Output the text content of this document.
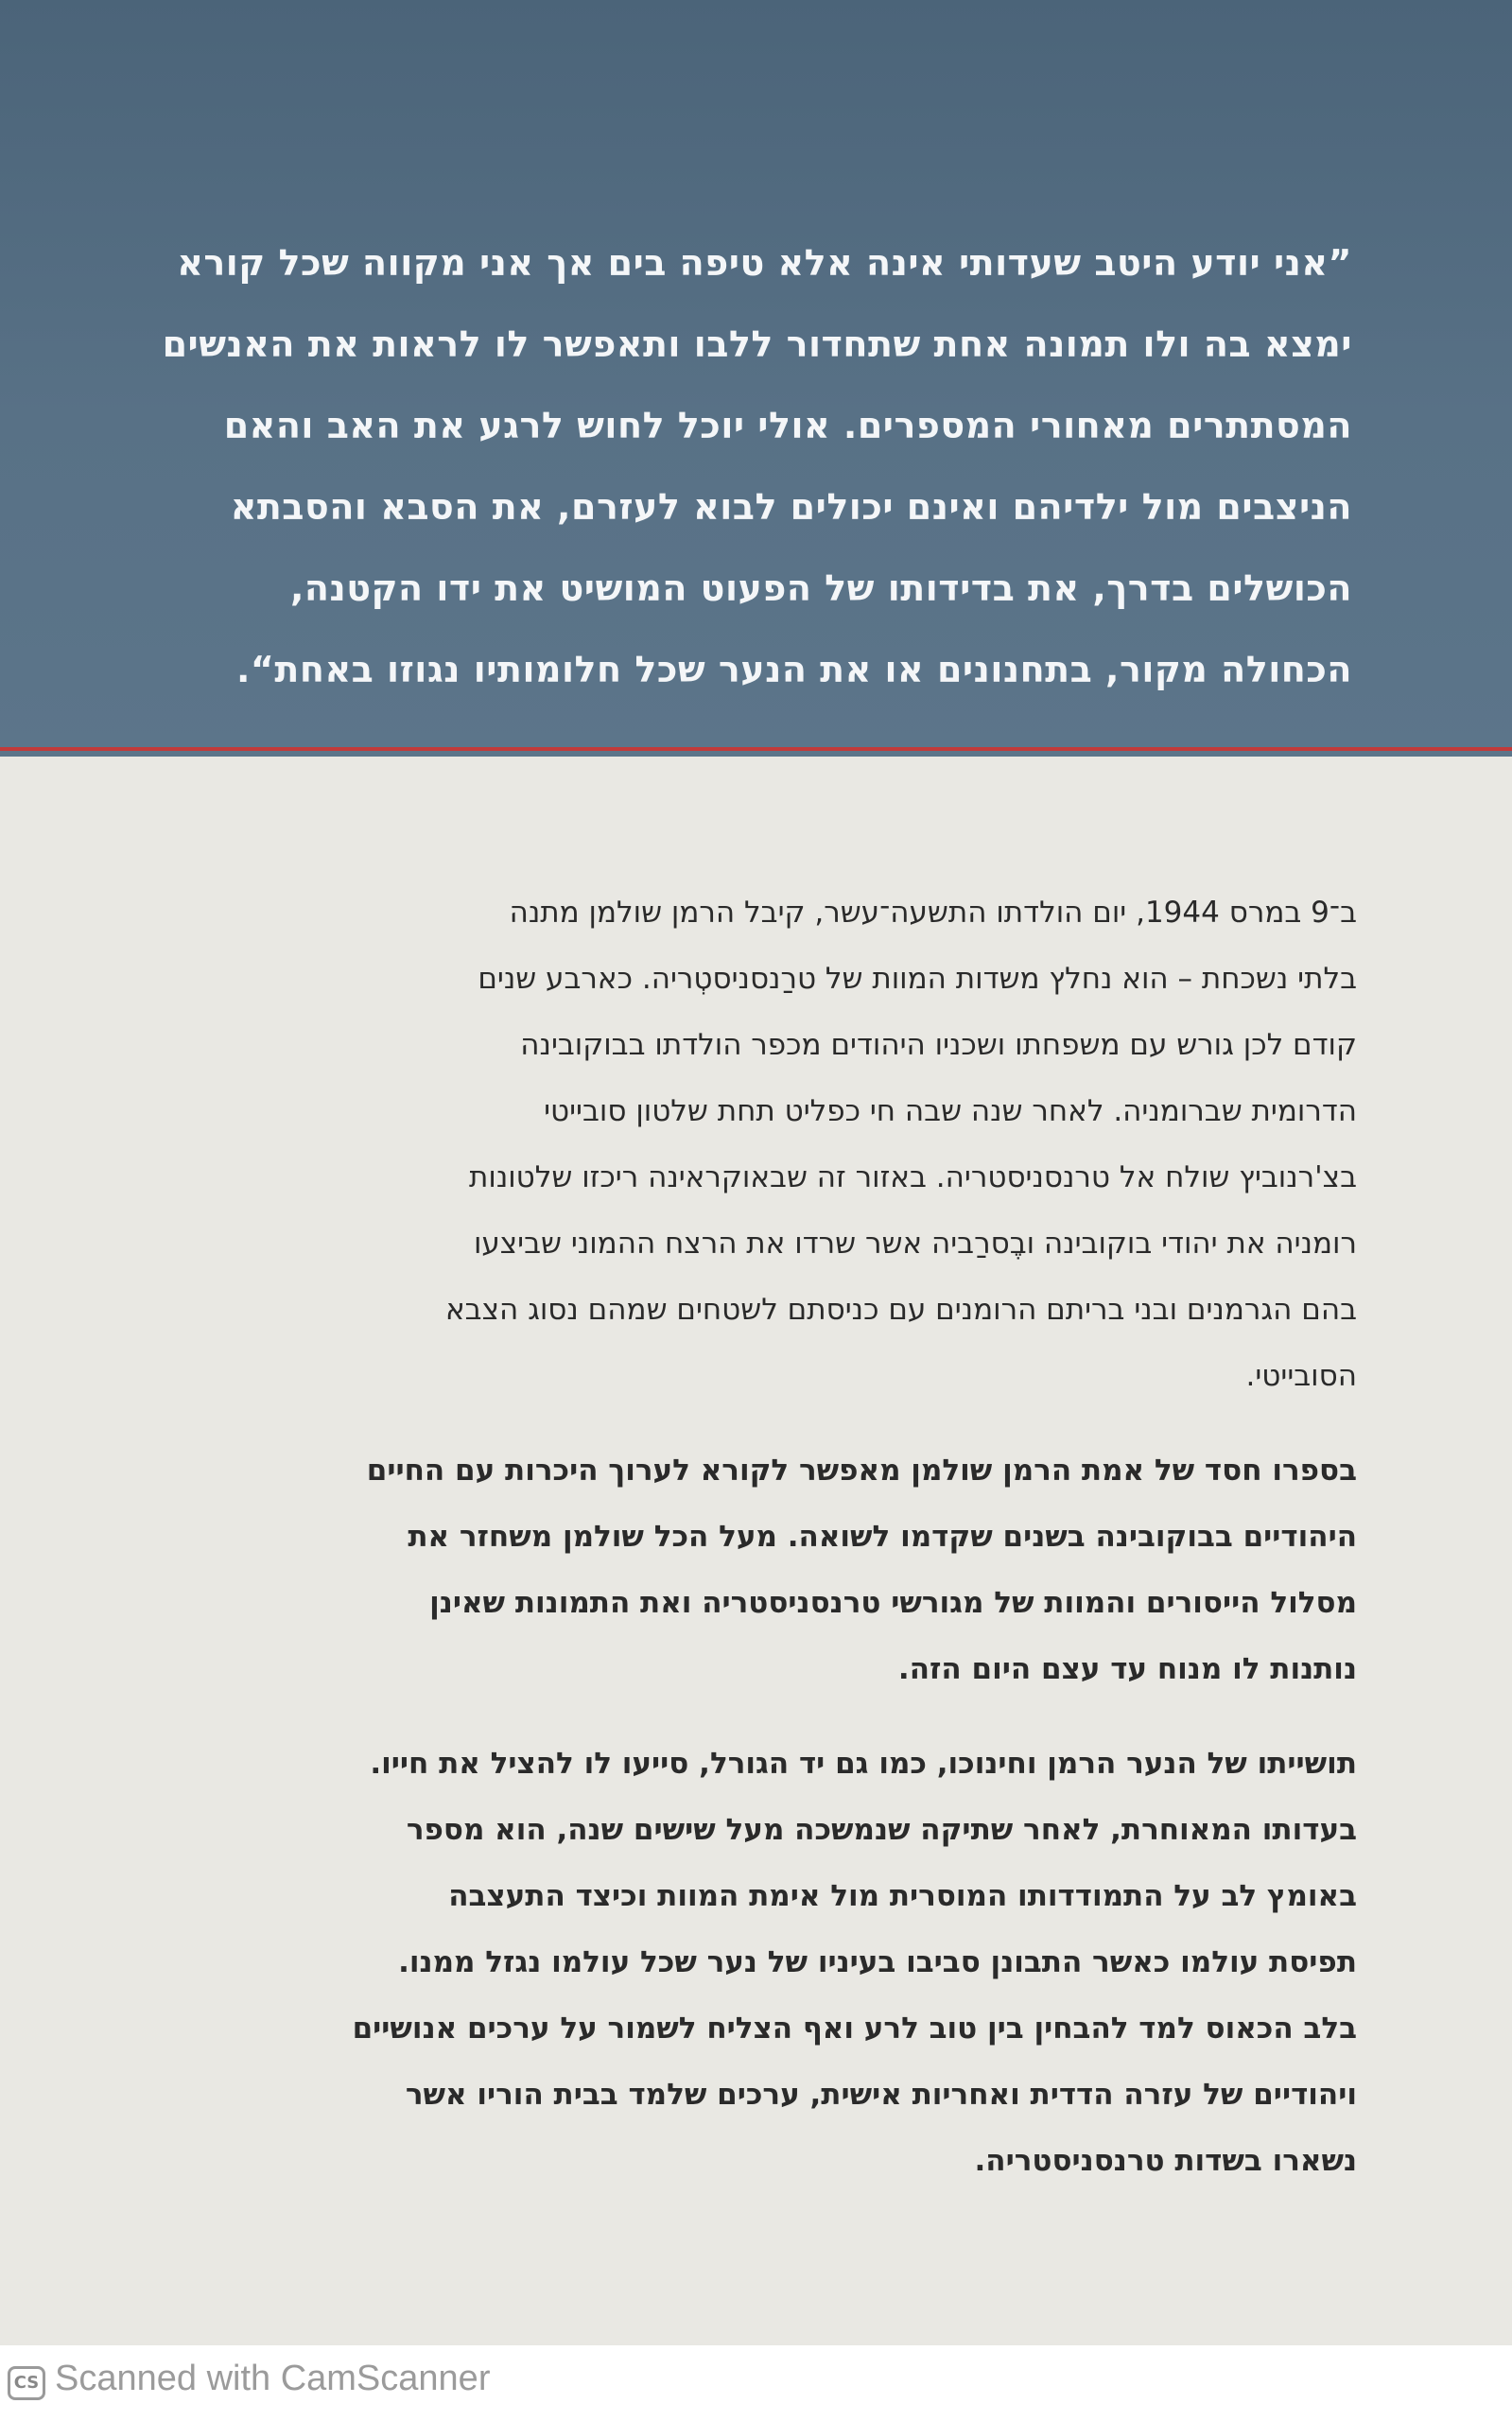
”אני יודע היטב שעדותי אינה אלא טיפה בים אך אני מקווה שכל קורא
ימצא בה ולו תמונה אחת שתחדור ללבו ותאפשר לו לראות את האנשים
המסתתרים מאחורי המספרים. אולי יוכל לחוש לרגע את האב והאם
הניצבים מול ילדיהם ואינם יכולים לבוא לעזרם, את הסבא והסבתא
הכושלים בדרך, את בדידותו של הפעוט המושיט את ידו הקטנה,
הכחולה מקור, בתחנונים או את הנער שכל חלומותיו נגוזו באחת“.
ב־9 במרס 1944, יום הולדתו התשעה־עשר, קיבל הרמן שולמן מתנה
בלתי נשכחת – הוא נחלץ משדות המוות של טרַנסניסטְריה. כארבע שנים
קודם לכן גורש עם משפחתו ושכניו היהודים מכפר הולדתו בבוקובינה
הדרומית שברומניה. לאחר שנה שבה חי כפליט תחת שלטון סובייטי
בצ'רנוביץ שולח אל טרנסניסטריה. באזור זה שבאוקראינה ריכזו שלטונות
רומניה את יהודי בוקובינה ובֶסרַביה אשר שרדו את הרצח ההמוני שביצעו
בהם הגרמנים ובני בריתם הרומנים עם כניסתם לשטחים שמהם נסוג הצבא
הסובייטי.
בספרו חסד של אמת הרמן שולמן מאפשר לקורא לערוך היכרות עם החיים
היהודיים בבוקובינה בשנים שקדמו לשואה. מעל הכל שולמן משחזר את
מסלול הייסורים והמוות של מגורשי טרנסניסטריה ואת התמונות שאינן
נותנות לו מנוח עד עצם היום הזה.
תושייתו של הנער הרמן וחינוכו, כמו גם יד הגורל, סייעו לו להציל את חייו.
בעדותו המאוחרת, לאחר שתיקה שנמשכה מעל שישים שנה, הוא מספר
באומץ לב על התמודדותו המוסרית מול אימת המוות וכיצד התעצבה
תפיסת עולמו כאשר התבונן סביבו בעיניו של נער שכל עולמו נגזל ממנו.
בלב הכאוס למד להבחין בין טוב לרע ואף הצליח לשמור על ערכים אנושיים
ויהודיים של עזרה הדדית ואחריות אישית, ערכים שלמד בבית הוריו אשר
נשארו בשדות טרנסניסטריה.
CS Scanned with CamScanner
